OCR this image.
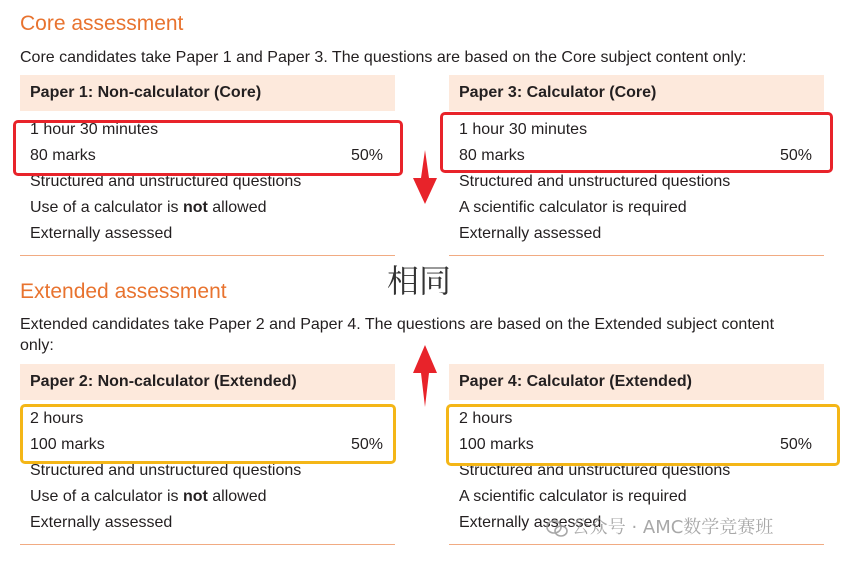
Core assessment
Core candidates take Paper 1 and Paper 3. The questions are based on the Core subject content only:
Paper 1: Non-calculator (Core)
1 hour 30 minutes
80 marks	50%
Structured and unstructured questions
Use of a calculator is not allowed
Externally assessed
Paper 3: Calculator (Core)
1 hour 30 minutes
80 marks	50%
Structured and unstructured questions
A scientific calculator is required
Externally assessed
相同
Extended assessment
Extended candidates take Paper 2 and Paper 4. The questions are based on the Extended subject content only:
Paper 2: Non-calculator (Extended)
2 hours
100 marks	50%
Structured and unstructured questions
Use of a calculator is not allowed
Externally assessed
Paper 4: Calculator (Extended)
2 hours
100 marks	50%
Structured and unstructured questions
A scientific calculator is required
Externally assessed
公众号 · AMC数学竞赛班
